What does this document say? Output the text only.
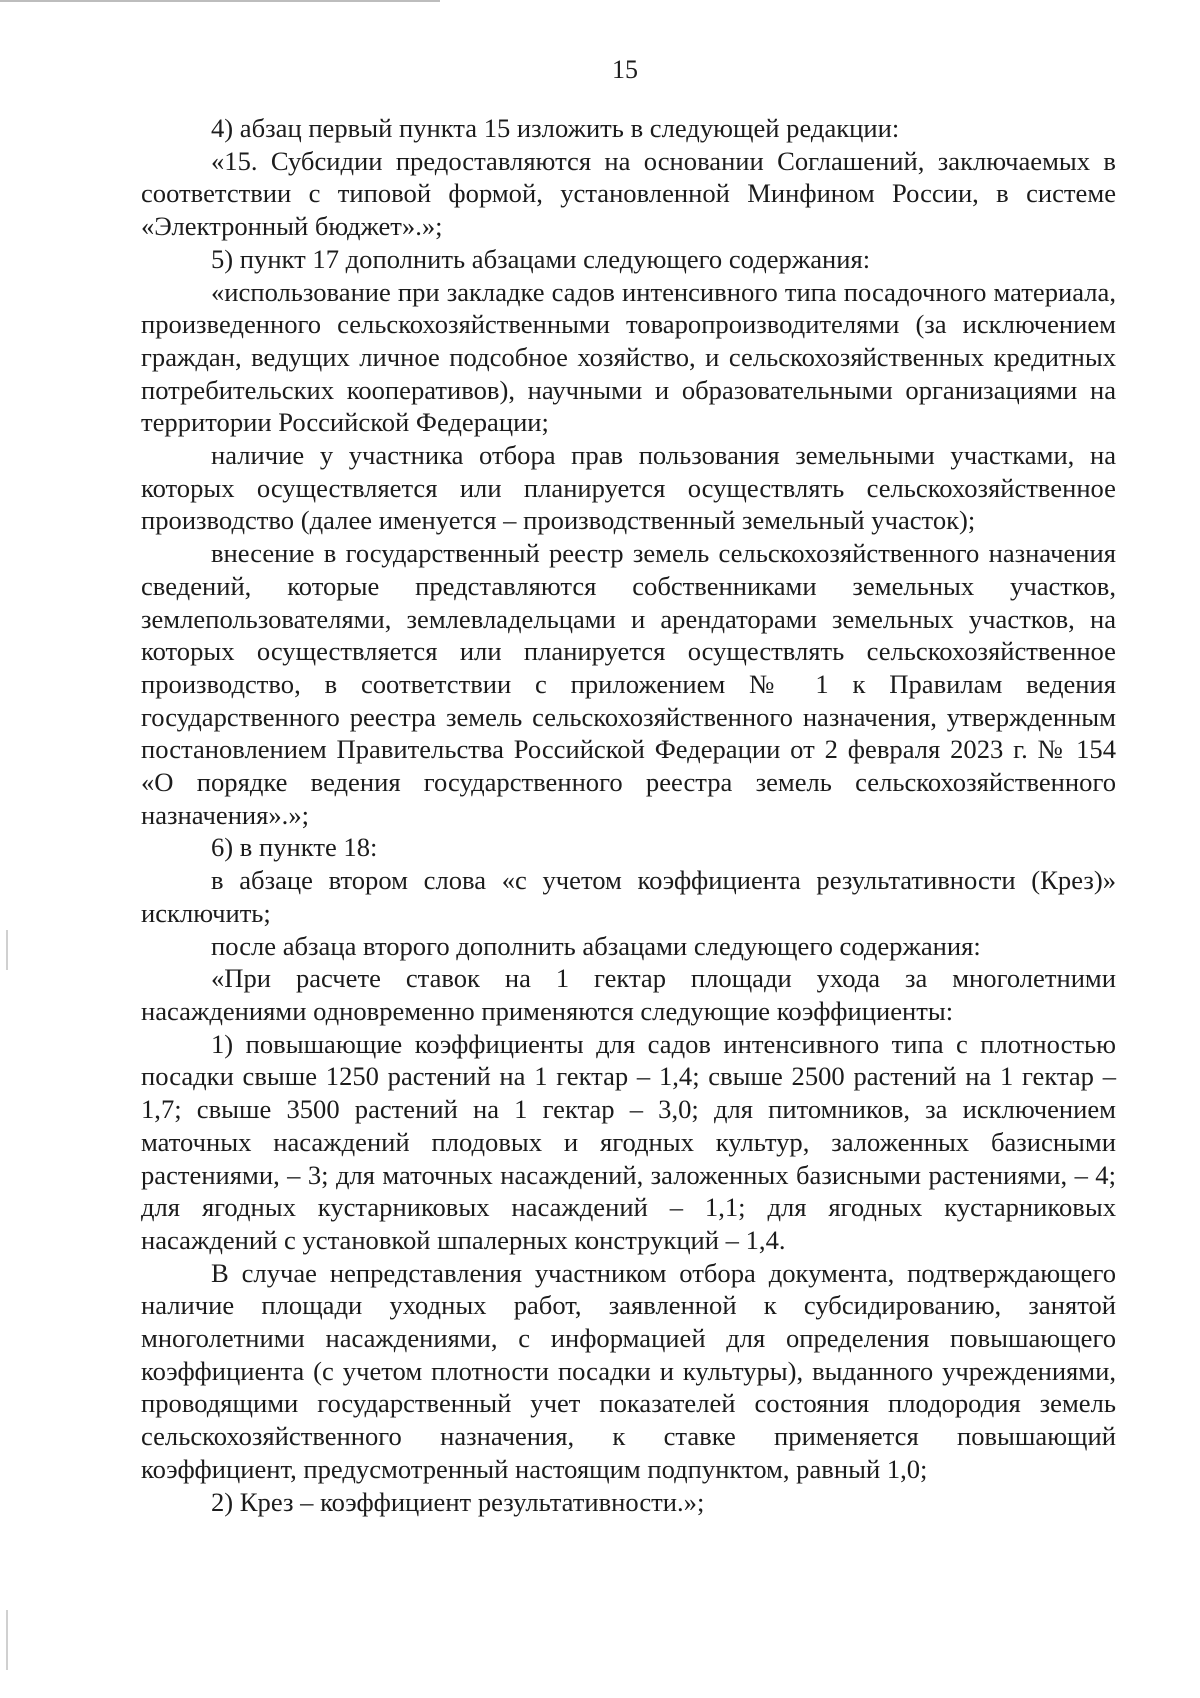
15

4) абзац первый пункта 15 изложить в следующей редакции:

«15. Субсидии предоставляются на основании Соглашений, заключаемых в соответствии с типовой формой, установленной Минфином России, в системе «Электронный бюджет».»;

5) пункт 17 дополнить абзацами следующего содержания:

«использование при закладке садов интенсивного типа посадочного материала, произведенного сельскохозяйственными товаропроизводителями (за исключением граждан, ведущих личное подсобное хозяйство, и сельскохозяйственных кредитных потребительских кооперативов), научными и образовательными организациями на территории Российской Федерации;

наличие у участника отбора прав пользования земельными участками, на которых осуществляется или планируется осуществлять сельскохозяйственное производство (далее именуется – производственный земельный участок);

внесение в государственный реестр земель сельскохозяйственного назначения сведений, которые представляются собственниками земельных участков, землепользователями, землевладельцами и арендаторами земельных участков, на которых осуществляется или планируется осуществлять сельскохозяйственное производство, в соответствии с приложением № 1 к Правилам ведения государственного реестра земель сельскохозяйственного назначения, утвержденным постановлением Правительства Российской Федерации от 2 февраля 2023 г. № 154 «О порядке ведения государственного реестра земель сельскохозяйственного назначения».»;

6) в пункте 18:

в абзаце втором слова «с учетом коэффициента результативности (Крез)» исключить;

после абзаца второго дополнить абзацами следующего содержания:

«При расчете ставок на 1 гектар площади ухода за многолетними насаждениями одновременно применяются следующие коэффициенты:

1) повышающие коэффициенты для садов интенсивного типа с плотностью посадки свыше 1250 растений на 1 гектар – 1,4; свыше 2500 растений на 1 гектар – 1,7; свыше 3500 растений на 1 гектар – 3,0; для питомников, за исключением маточных насаждений плодовых и ягодных культур, заложенных базисными растениями, – 3; для маточных насаждений, заложенных базисными растениями, – 4; для ягодных кустарниковых насаждений – 1,1; для ягодных кустарниковых насаждений с установкой шпалерных конструкций – 1,4.

В случае непредставления участником отбора документа, подтверждающего наличие площади уходных работ, заявленной к субсидированию, занятой многолетними насаждениями, с информацией для определения повышающего коэффициента (с учетом плотности посадки и культуры), выданного учреждениями, проводящими государственный учет показателей состояния плодородия земель сельскохозяйственного назначения, к ставке применяется повышающий коэффициент, предусмотренный настоящим подпунктом, равный 1,0;

2) Крез – коэффициент результативности.»;
